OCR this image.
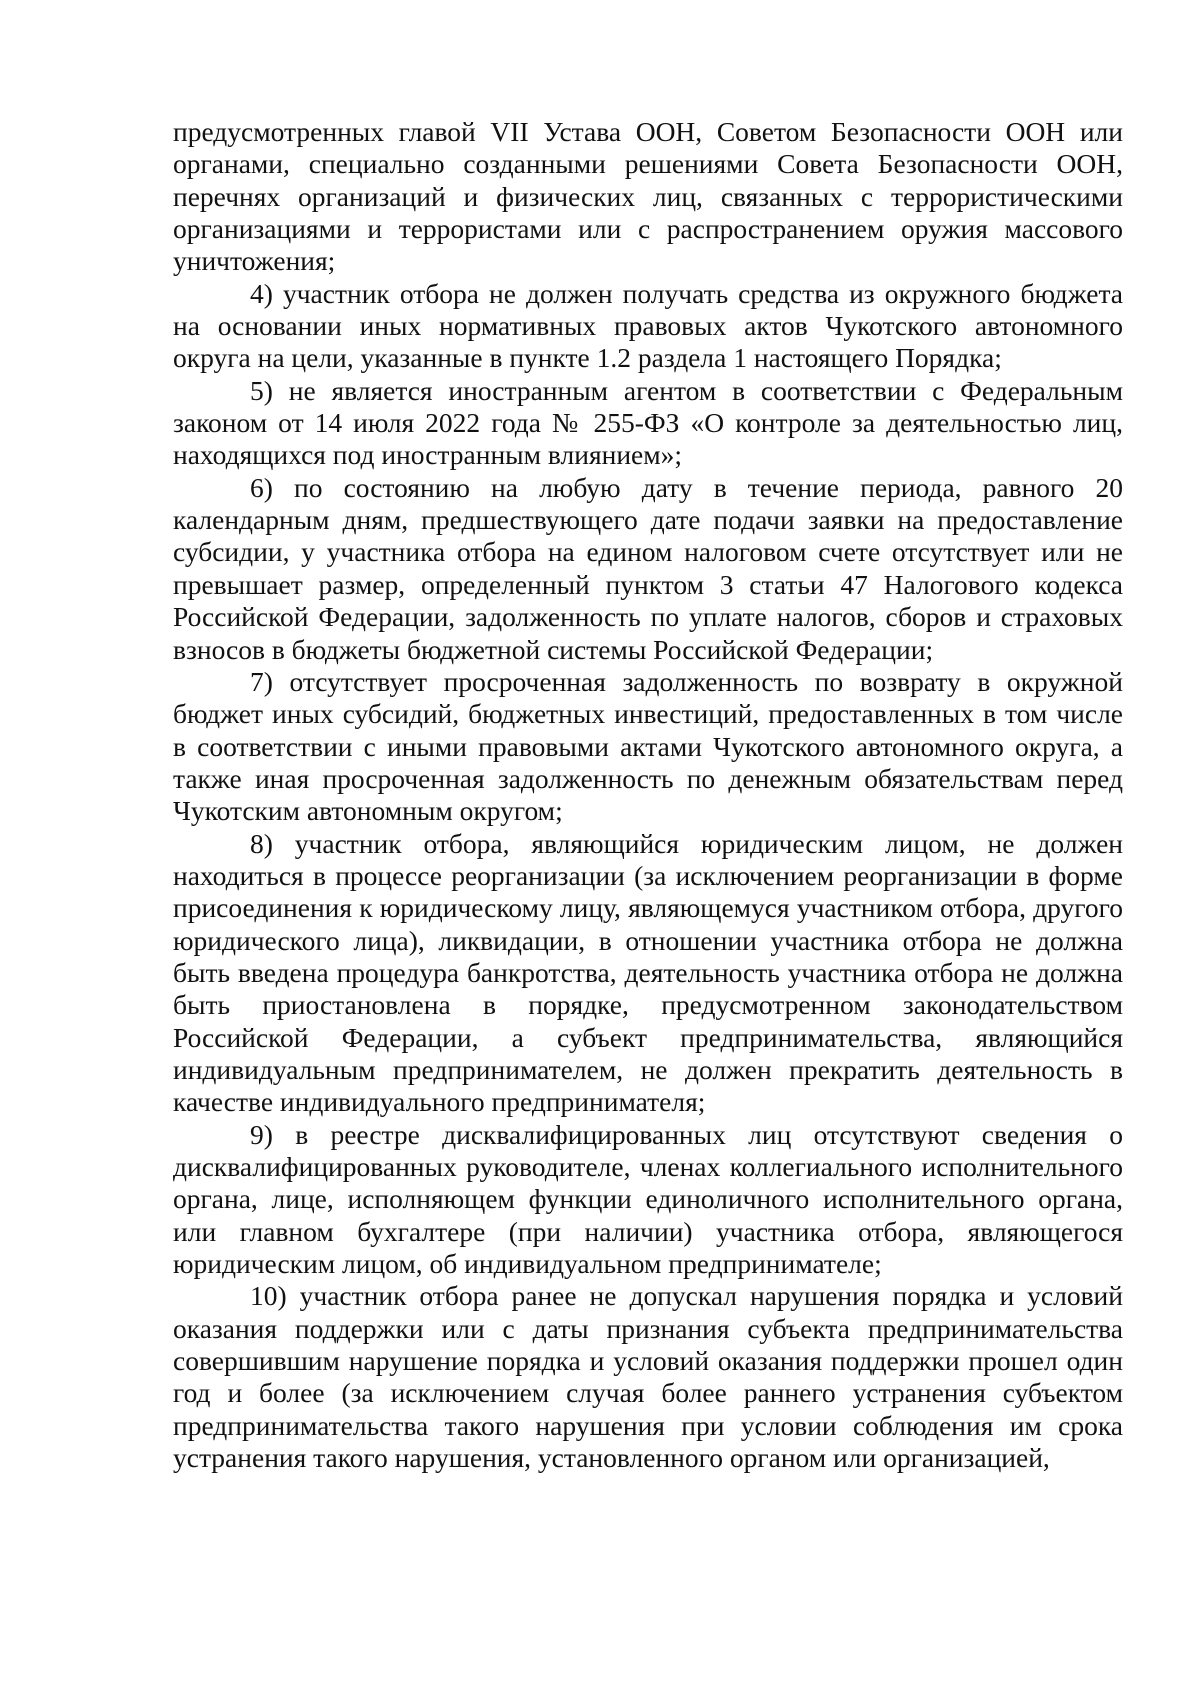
предусмотренных главой VII Устава ООН, Советом Безопасности ООН или органами, специально созданными решениями Совета Безопасности ООН, перечнях организаций и физических лиц, связанных с террористическими организациями и террористами или с распространением оружия массового уничтожения;

4) участник отбора не должен получать средства из окружного бюджета на основании иных нормативных правовых актов Чукотского автономного округа на цели, указанные в пункте 1.2 раздела 1 настоящего Порядка;

5) не является иностранным агентом в соответствии с Федеральным законом от 14 июля 2022 года № 255-ФЗ «О контроле за деятельностью лиц, находящихся под иностранным влиянием»;

6) по состоянию на любую дату в течение периода, равного 20 календарным дням, предшествующего дате подачи заявки на предоставление субсидии, у участника отбора на едином налоговом счете отсутствует или не превышает размер, определенный пунктом 3 статьи 47 Налогового кодекса Российской Федерации, задолженность по уплате налогов, сборов и страховых взносов в бюджеты бюджетной системы Российской Федерации;

7) отсутствует просроченная задолженность по возврату в окружной бюджет иных субсидий, бюджетных инвестиций, предоставленных в том числе в соответствии с иными правовыми актами Чукотского автономного округа, а также иная просроченная задолженность по денежным обязательствам перед Чукотским автономным округом;

8) участник отбора, являющийся юридическим лицом, не должен находиться в процессе реорганизации (за исключением реорганизации в форме присоединения к юридическому лицу, являющемуся участником отбора, другого юридического лица), ликвидации, в отношении участника отбора не должна быть введена процедура банкротства, деятельность участника отбора не должна быть приостановлена в порядке, предусмотренном законодательством Российской Федерации, а субъект предпринимательства, являющийся индивидуальным предпринимателем, не должен прекратить деятельность в качестве индивидуального предпринимателя;

9) в реестре дисквалифицированных лиц отсутствуют сведения о дисквалифицированных руководителе, членах коллегиального исполнительного органа, лице, исполняющем функции единоличного исполнительного органа, или главном бухгалтере (при наличии) участника отбора, являющегося юридическим лицом, об индивидуальном предпринимателе;

10) участник отбора ранее не допускал нарушения порядка и условий оказания поддержки или с даты признания субъекта предпринимательства совершившим нарушение порядка и условий оказания поддержки прошел один год и более (за исключением случая более раннего устранения субъектом предпринимательства такого нарушения при условии соблюдения им срока устранения такого нарушения, установленного органом или организацией,
